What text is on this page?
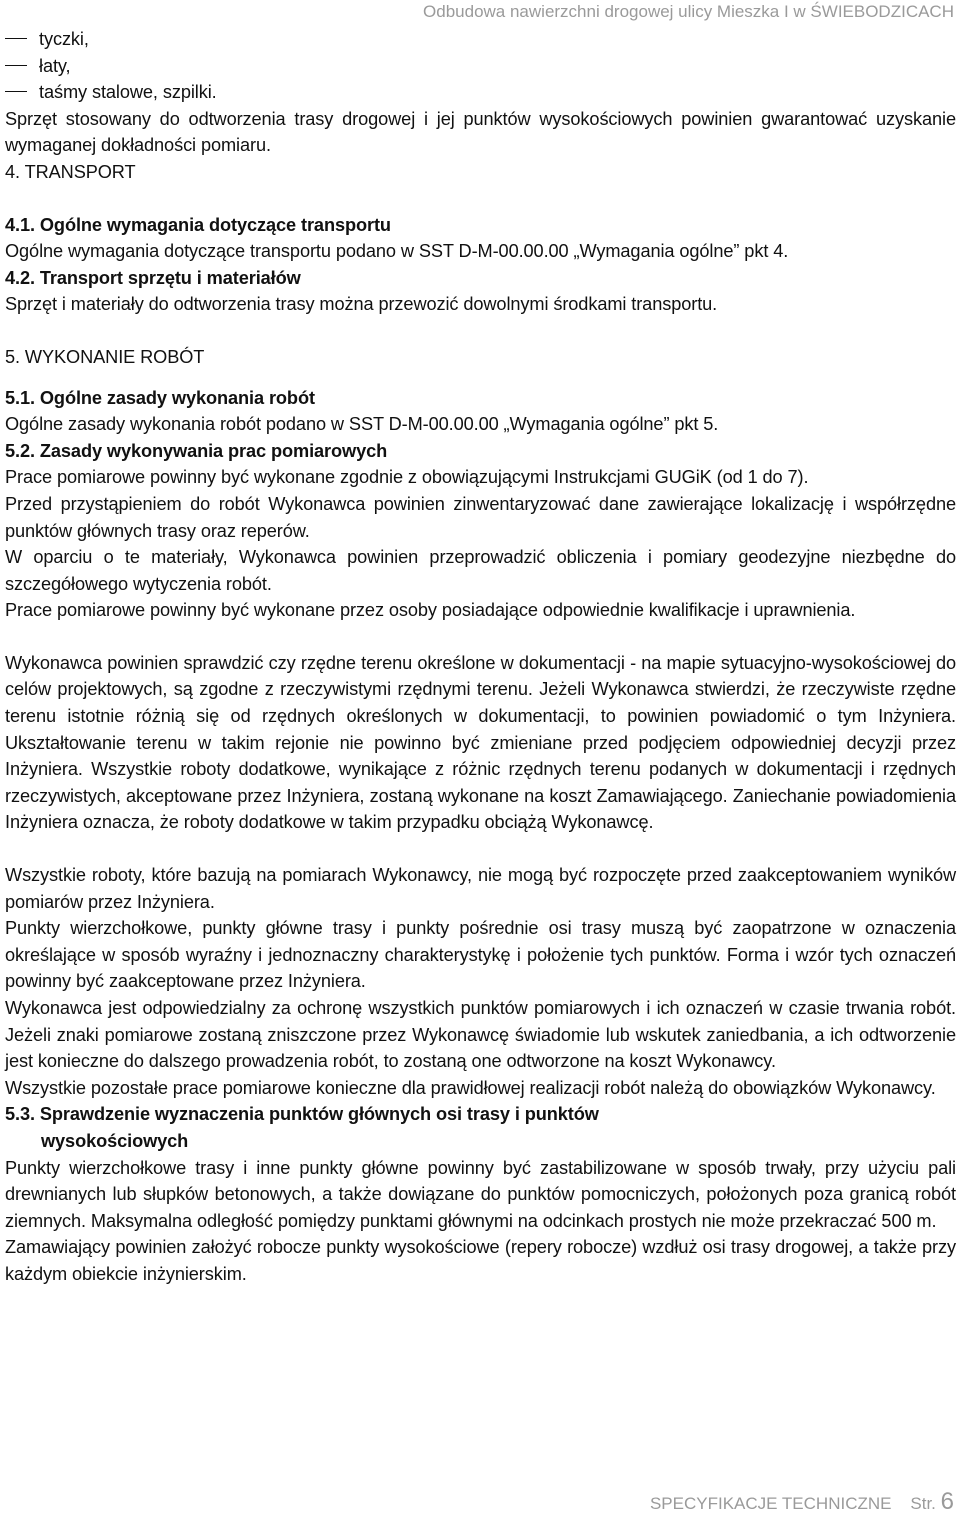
Odbudowa nawierzchni drogowej ulicy Mieszka I w ŚWIEBODZICACH
tyczki,
łaty,
taśmy stalowe, szpilki.

Sprzęt stosowany do odtworzenia trasy drogowej i jej punktów wysokościowych powinien gwarantować uzyskanie wymaganej dokładności pomiaru.

4. TRANSPORT

4.1. Ogólne wymagania dotyczące transportu

Ogólne wymagania dotyczące transportu podano w SST D-M-00.00.00 „Wymagania ogólne” pkt 4.

4.2. Transport sprzętu i materiałów

Sprzęt i materiały do odtworzenia trasy można przewozić dowolnymi środkami transportu.

5. WYKONANIE ROBÓT

5.1. Ogólne zasady wykonania robót

Ogólne zasady wykonania robót podano w SST D-M-00.00.00 „Wymagania ogólne” pkt 5.

5.2. Zasady wykonywania prac pomiarowych

Prace pomiarowe powinny być wykonane zgodnie z obowiązującymi Instrukcjami GUGiK (od 1 do 7).

Przed przystąpieniem do robót Wykonawca powinien zinwentaryzować dane zawierające lokalizację i współrzędne punktów głównych trasy oraz reperów.

W oparciu o te materiały, Wykonawca powinien przeprowadzić obliczenia i pomiary geodezyjne niezbędne do szczegółowego wytyczenia robót.

Prace pomiarowe powinny być wykonane przez osoby posiadające odpowiednie kwalifikacje i uprawnienia.

Wykonawca powinien sprawdzić czy rzędne terenu określone w dokumentacji - na mapie sytuacyjno-wysokościowej do celów projektowych, są zgodne z rzeczywistymi rzędnymi terenu. Jeżeli Wykonawca stwierdzi, że rzeczywiste rzędne terenu istotnie różnią się od rzędnych określonych w dokumentacji, to powinien powiadomić o tym Inżyniera. Ukształtowanie terenu w takim rejonie nie powinno być zmieniane przed podjęciem odpowiedniej decyzji przez Inżyniera. Wszystkie roboty dodatkowe, wynikające z różnic rzędnych terenu podanych w dokumentacji i rzędnych rzeczywistych, akceptowane przez Inżyniera, zostaną wykonane na koszt Zamawiającego. Zaniechanie powiadomienia Inżyniera oznacza, że roboty dodatkowe w takim przypadku obciążą Wykonawcę.

Wszystkie roboty, które bazują na pomiarach Wykonawcy, nie mogą być rozpoczęte przed zaakceptowaniem wyników pomiarów przez Inżyniera.

Punkty wierzchołkowe, punkty główne trasy i punkty pośrednie osi trasy muszą być zaopatrzone w oznaczenia określające w sposób wyraźny i jednoznaczny charakterystykę i położenie tych punktów. Forma i wzór tych oznaczeń powinny być zaakceptowane przez Inżyniera.

Wykonawca jest odpowiedzialny za ochronę wszystkich punktów pomiarowych i ich oznaczeń w czasie trwania robót. Jeżeli znaki pomiarowe zostaną zniszczone przez Wykonawcę świadomie lub wskutek zaniedbania, a ich odtworzenie jest konieczne do dalszego prowadzenia robót, to zostaną one odtworzone na koszt Wykonawcy.

Wszystkie pozostałe prace pomiarowe konieczne dla prawidłowej realizacji robót należą do obowiązków Wykonawcy.

5.3. Sprawdzenie wyznaczenia punktów głównych osi trasy i punktów

wysokościowych

Punkty wierzchołkowe trasy i inne punkty główne powinny być zastabilizowane w sposób trwały, przy użyciu pali drewnianych lub słupków betonowych, a także dowiązane do punktów pomocniczych, położonych poza granicą robót ziemnych. Maksymalna odległość pomiędzy punktami głównymi na odcinkach prostych nie może przekraczać 500 m.

Zamawiający powinien założyć robocze punkty wysokościowe (repery robocze) wzdłuż osi trasy drogowej, a także przy każdym obiekcie inżynierskim.

SPECYFIKACJE TECHNICZNE Str. 6
